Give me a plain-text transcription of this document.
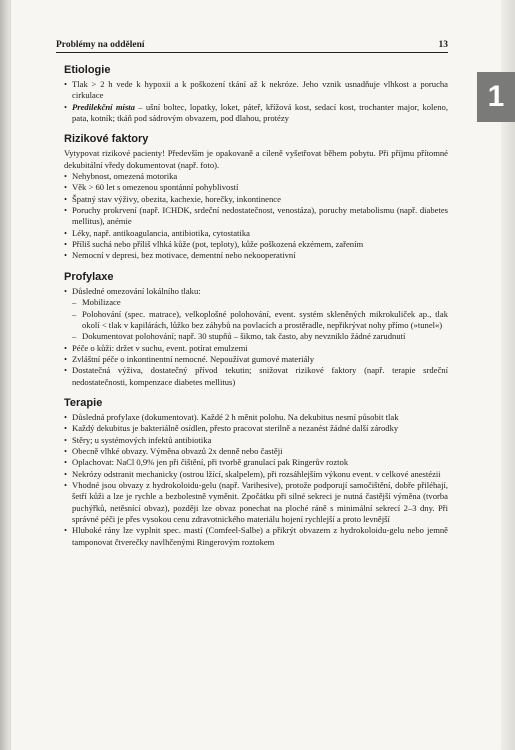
Problémy na oddělení	13
1
Etiologie
• Tlak > 2 h vede k hypoxii a k poškození tkání až k nekróze. Jeho vznik usnadňuje vlhkost a porucha cirkulace
• Predilekční místa – ušní boltec, lopatky, loket, páteř, křížová kost, sedací kost, trochanter major, koleno, pata, kotník; tkáň pod sádrovým obvazem, pod dlahou, protézy
Rizikové faktory

Vytypovat rizikové pacienty! Především je opakovaně a cíleně vyšetřovat během pobytu. Při příjmu přítomné dekubitální vředy dokumentovat (např. foto).

• Nehybnost, omezená motorika
• Věk > 60 let s omezenou spontánní pohyblivostí
• Špatný stav výživy, obezita, kachexie, horečky, inkontinence
• Poruchy prokrvení (např. ICHDK, srdeční nedostatečnost, venostáza), poruchy metabolismu (např. diabetes mellitus), anémie
• Léky, např. antikoagulancia, antibiotika, cytostatika
• Příliš suchá nebo příliš vlhká kůže (pot, teploty), kůže poškozená ekzémem, zařením
• Nemocní v depresi, bez motivace, dementní nebo nekooperativní
Profylaxe
• Důsledné omezování lokálního tlaku:
– Mobilizace
– Polohování (spec. matrace), velkoplošné polohování, event. systém skleněných mikrokuliček ap., tlak okolí < tlak v kapilárách, lůžko bez záhybů na povlacích a prostěradle, nepřikrývat nohy přímo (»tunel«)
– Dokumentovat polohování; např. 30 stupňů – šikmo, tak často, aby nevzniklo žádné zarudnutí
• Péče o kůži: držet v suchu, event. potírat emulzemi
• Zvláštní péče o inkontinentní nemocné. Nepoužívat gumové materiály
• Dostatečná výživa, dostatečný přívod tekutin; snižovat rizikové faktory (např. terapie srdeční nedostatečnosti, kompenzace diabetes mellitus)
Terapie
• Důsledná profylaxe (dokumentovat). Každé 2 h měnit polohu. Na dekubitus nesmí působit tlak
• Každý dekubitus je bakteriálně osídlen, přesto pracovat sterilně a nezanést žádné další zárodky
• Stěry; u systémových infektů antibiotika
• Obecně vlhké obvazy. Výměna obvazů 2x denně nebo častěji
• Oplachovat: NaCl 0,9% jen při čištění, při tvorbě granulací pak Ringerův roztok
• Nekrózy odstranit mechanicky (ostrou lžící, skalpelem), při rozsáhlejším výkonu event. v celkové anestézii
• Vhodné jsou obvazy z hydrokoloidu-gelu (např. Varihesive), protože podporují samočištění, dobře přiléhají, šetří kůži a lze je rychle a bezbolestně vyměnit. Zpočátku při silné sekreci je nutná častější výměna (tvorba puchýřků, netěsnící obvaz), později lze obvaz ponechat na ploché ráně s minimální sekrecí 2–3 dny. Při správné péči je přes vysokou cenu zdravotnického materiálu hojení rychlejší a proto levnější
• Hluboké rány lze vyplnit spec. mastí (Comfeel-Salbe) a přikrýt obvazem z hydrokoloidu-gelu nebo jemně tamponovat čtverečky navlhčenými Ringerovým roztokem
